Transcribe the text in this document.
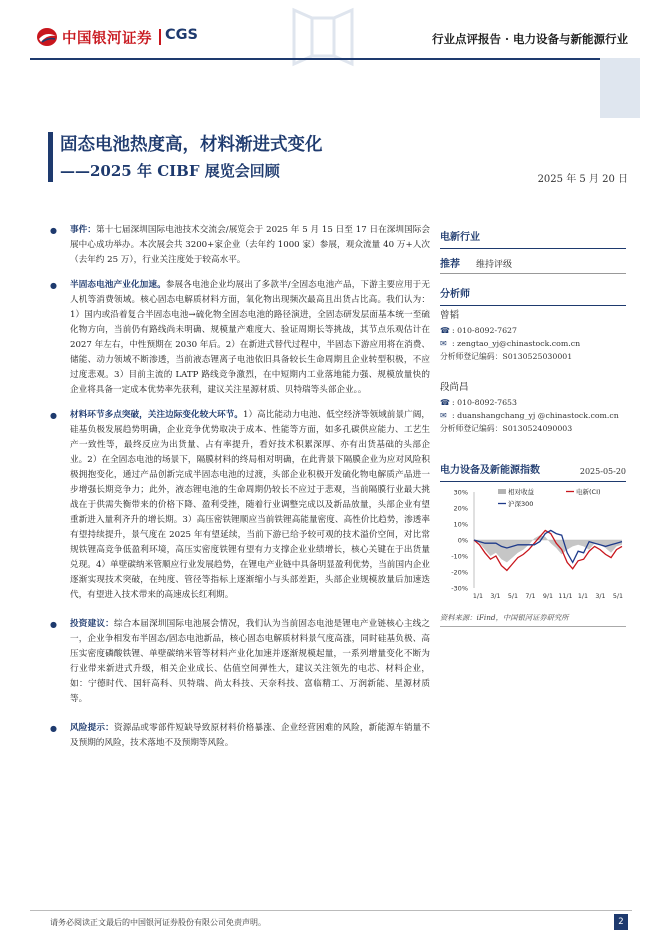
中国银河证券 CGS	行业点评报告 · 电力设备与新能源行业
固态电池热度高，材料渐进式变化
——2025 年 CIBF 展览会回顾	2025 年 5 月 20 日
● 事件：第十七届深圳国际电池技术交流会/展览会于 2025 年 5 月 15 日至 17 日在深圳国际会展中心成功举办。本次展会共 3200+家企业（去年约 1000 家）参展，观众流量 40 万+人次（去年约 25 万），行业关注度处于较高水平。
● 半固态电池产业化加速。参展各电池企业均展出了多款半/全固态电池产品，下游主要应用于无人机等消费领域。核心固态电解质材料方面，氧化物出现频次最高且出货占比高。我们认为：1）国内或沿着复合半固态电池→硫化物全固态电池的路径演进，全固态研发层面基本统一至硫化物方向，当前仍有路线尚未明确、规模量产难度大、验证周期长等挑战，其节点乐观估计在 2027 年左右，中性预期在 2030 年后。2）在新进式替代过程中，半固态下游应用将在消费、储能、动力领域不断渗透，当前液态锂离子电池依旧具备较长生命周期且企业转型积极，不应过度悲观。3）目前主流的 LATP 路线竞争激烈，在中短期内工业落地能力强、规模放量快的企业将具备一定成本优势率先获利，建议关注星源材质、贝特瑞等头部企业。。
● 材料环节多点突破，关注边际变化较大环节。1）高比能动力电池、低空经济等领域前景广阔，硅基负极发展趋势明确，企业竞争优势取决于成本、性能等方面，如多孔碳供应能力、工艺生产一致性等，最终反应为出货量、占有率提升，看好技术积累深厚、亦有出货基础的头部企业。2）在全固态电池的场景下，隔膜材料的终局相对明确，在此背景下隔膜企业为应对风险积极拥抱变化，通过产品创新完成半固态电池的过渡，头部企业积极开发硫化物电解质产品进一步增强长期竞争力；此外，液态锂电池的生命周期仍较长不应过于悲观，当前隔膜行业最大挑战在于供需失衡带来的价格下降、盈利受挫，随着行业调整完成以及新品放量，头部企业有望重新进入量利齐升的增长期。3）高压密铁锂顺应当前铁锂高能量密度、高性价比趋势，渗透率有望持续提升，景气度在 2025 年有望延续，当前下游已给予较可观的技术溢价空间，对比常规铁锂高竞争低盈利环境，高压实密度铁锂有望有力支撑企业业绩增长，核心关键在于出货量兑现。4）单壁碳纳米管顺应行业发展趋势，在锂电产业链中具备明显盈利优势，当前国内企业逐渐实现技术突破，在纯度、管径等指标上逐渐缩小与头部差距，头部企业规模放量后加速迭代，有望进入技术带来的高速成长红利期。
● 投资建议：综合本届深圳国际电池展会情况，我们认为当前固态电池是锂电产业链核心主线之一，企业争相发布半固态/固态电池新品，核心固态电解质材料景气度高涨，同时硅基负极、高压实密度磷酸铁锂、单壁碳纳米管等材料产业化加速并逐渐规模起量，一系列增量变化不断为行业带来新进式升级，相关企业成长、估值空间弹性大，建议关注领先的电芯、材料企业，如：宁德时代、国轩高科、贝特瑞、尚太科技、天奈科技、富临精工、万润新能、星源材质等。
● 风险提示：资源品或零部件短缺导致原材料价格暴涨、企业经营困难的风险，新能源车销量不及预期的风险，技术落地不及预期等风险。
电新行业
推荐 维持评级
分析师
曾韬
☎ : 010-8092-7627
✉ : zengtao_yj@chinastock.com.cn
分析师登记编码：S0130525030001
段尚昌
☎ : 010-8092-7653
✉ : duanshangchang_yj @chinastock.com.cn
分析师登记编码：S0130524090003
电力设备及新能源指数	2025-05-20
30%
20%
10%
0%
-10%
-20%
-30%
相对收益	电新(CI)
沪深300
1/1 3/1 5/1 7/1 9/1 11/1 1/1 3/1 5/1
资料来源：iFind，中国银河证券研究所
请务必阅读正文最后的中国银河证券股份有限公司免责声明。	2
